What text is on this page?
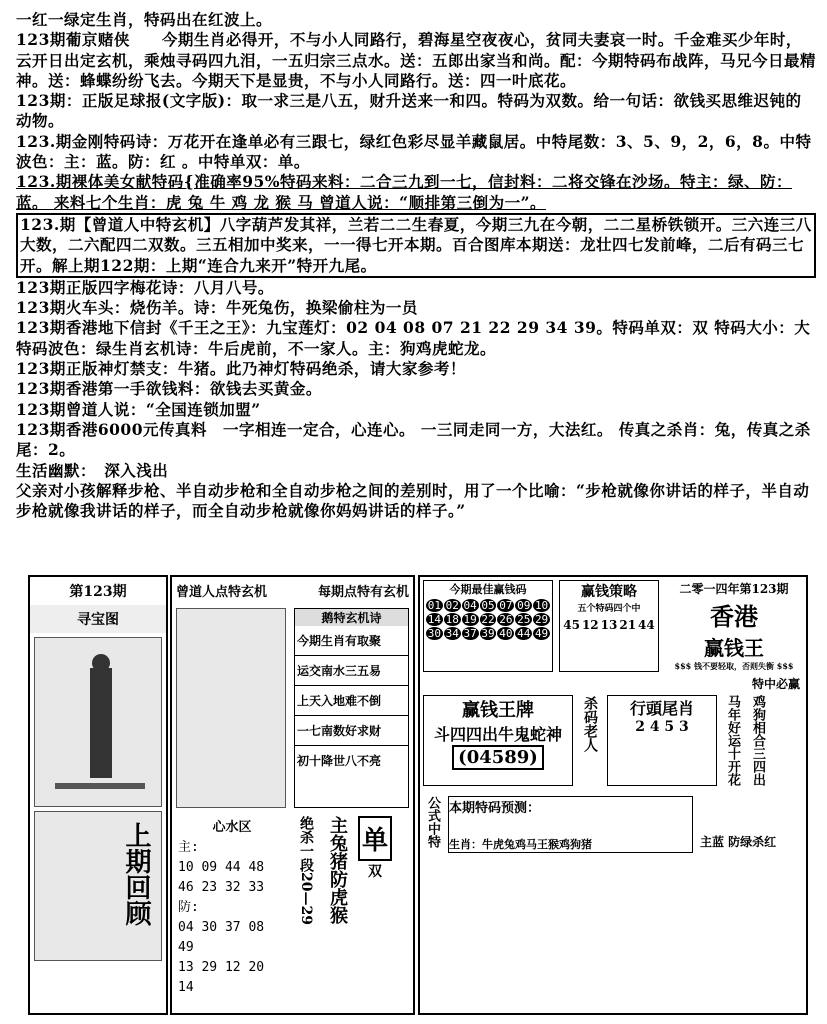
一红一绿定生肖，特码出在红波上。

123期葡京赌侠　　今期生肖必得开，不与小人同路行，碧海星空夜夜心，贫同夫妻哀一时。千金难买少年时，云开日出定玄机，乘烛寻码四九泪，一五归宗三点水。送：五郎出家当和尚。配：今期特码布战阵，马兄今日最精神。送：蜂蝶纷纷飞去。今期天下是显贵，不与小人同路行。送：四一叶底花。

123期：正版足球报(文字版)：取一求三是八五，财升送来一和四。特码为双数。给一句话：欲钱买思维迟钝的动物。

123.期金刚特码诗：万花开在逢单必有三跟七，绿红色彩尽显羊藏鼠居。中特尾数：3、5、9，2，6，8。中特波色：主：蓝。防：红 。中特单双：单。

123.期裸体美女献特码{准确率95%特码来料：二合三九到一七，信封料：二将交锋在沙场。特主：绿、防：蓝。 来料七个生肖：虎 兔 牛 鸡 龙 猴 马 曾道人说：“顺排第三倒为一”。

123.期【曾道人中特玄机】八字葫芦发其祥，兰若二二生春夏，今期三九在今朝，二二星桥铁锁开。三六连三八大数，二六配四二双数。三五相加中奖来，一一得七开本期。百合图库本期送：龙壮四七发前峰，二后有码三七开。解上期122期：上期“连合九来开”特开九尾。

123期正版四字梅花诗：八月八号。

123期火车头：烧伤羊。诗：牛死兔伤，换梁偷柱为一员

123期香港地下信封《千王之王》：九宝莲灯：02 04 08 07 21 22 29 34 39。特码单双：双 特码大小：大 特码波色：绿生肖玄机诗：牛后虎前，不一家人。主：狗鸡虎蛇龙。

123期正版神灯禁支：牛猪。此乃神灯特码绝杀，请大家参考！

123期香港第一手欲钱料：欲钱去买黄金。

123期曾道人说：“全国连锁加盟”

123期香港6000元传真料　一字相连一定合，心连心。 一三同走同一方，大法红。 传真之杀肖：兔，传真之杀尾：2。

生活幽默：　深入浅出

父亲对小孩解释步枪、半自动步枪和全自动步枪之间的差别时，用了一个比喻：“步枪就像你讲话的样子，半自动步枪就像我讲话的样子，而全自动步枪就像你妈妈讲话的样子。”

第123期
寻宝图
上期回顾
曾道人点特玄机	每期点特有玄机
鹅特玄机诗
今期生肖有取聚
运交南水三五易
上天入地难不倒
一七南数好求财
初十降世八不亮
心水区
主:
10 09 44 48
46 23 32 33
防:
04 30 37 08 49
13 29 12 20 14
绝杀一段20—29 主兔猪防虎猴 单
双
今期最佳赢钱码
01 02 04 05 07 09 10
14 18 19 22 26 25 29
30 34 37 39 40 44 49
赢钱策略
五个特码四个中
45 12 13 21 44
二零一四年第123期
香港
赢钱王
$$$ 钱不要轻取，否则失衡 $$$
特中必赢
赢钱王牌
斗四四出牛鬼蛇神
(04589)
杀码老人	行頭尾肖
2 4 5 3	马年好运十开花 鸡狗相合三四出
公式中特 本期特码预测：
生肖：牛虎兔鸡马王猴鸡狗猪	主蓝 防绿杀红
